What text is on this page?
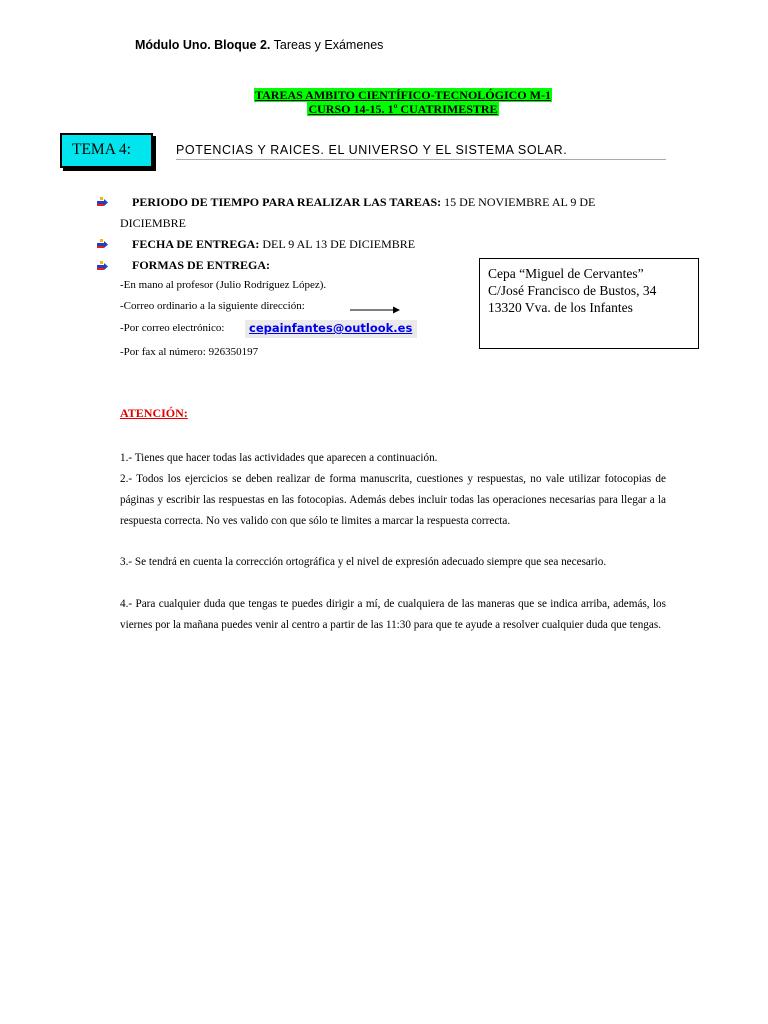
Módulo Uno. Bloque 2. Tareas y Exámenes
TAREAS AMBITO CIENTÍFICO-TECNOLÓGICO M-1
CURSO 14-15. 1º CUATRIMESTRE
TEMA 4:	POTENCIAS Y RAICES. EL UNIVERSO Y EL SISTEMA SOLAR.
PERIODO DE TIEMPO PARA REALIZAR LAS TAREAS: 15 DE NOVIEMBRE AL 9 DE
DICIEMBRE
FECHA DE ENTREGA: DEL 9 AL 13 DE DICIEMBRE
FORMAS DE ENTREGA:
-En mano al profesor (Julio Rodríguez López).
-Correo ordinario a la siguiente dirección:
-Por correo electrónico:	cepainfantes@outlook.es
-Por fax al número: 926350197
Cepa “Miguel de Cervantes”
C/José Francisco de Bustos, 34
13320 Vva. de los Infantes
ATENCIÓN:
1.- Tienes que hacer todas las actividades que aparecen a continuación.
2.- Todos los ejercicios se deben realizar de forma manuscrita, cuestiones y respuestas, no vale utilizar fotocopias de páginas y escribir las respuestas en las fotocopias. Además debes incluir todas las operaciones necesarias para llegar a la respuesta correcta. No ves valido con que sólo te limites a marcar la respuesta correcta.
3.- Se tendrá en cuenta la corrección ortográfica y el nivel de expresión adecuado siempre que sea necesario.
4.- Para cualquier duda que tengas te puedes dirigir a mí, de cualquiera de las maneras que se indica arriba, además, los viernes por la mañana puedes venir al centro a partir de las 11:30 para que te ayude a resolver cualquier duda que tengas.
